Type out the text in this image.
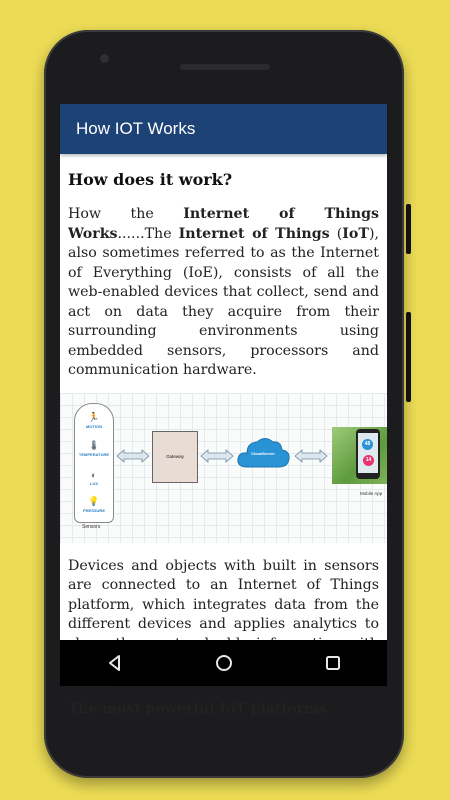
How IOT Works
How does it work?

How the Internet of Things Works......The Internet of Things (IoT), also sometimes referred to as the Internet of Everything (IoE), consists of all the web-enabled devices that collect, send and act on data they acquire from their surrounding environments using embedded sensors, processors and communication hardware.

🏃
MOTION
🌡
TEMPERATURE
◐
LUX
💡
PRESSURE
Sensors
Gateway
CloudServer
48
14
Mobile App

Devices and objects with built in sensors are connected to an Internet of Things platform, which integrates data from the different devices and applies analytics to

The most powerful IoT platforms
